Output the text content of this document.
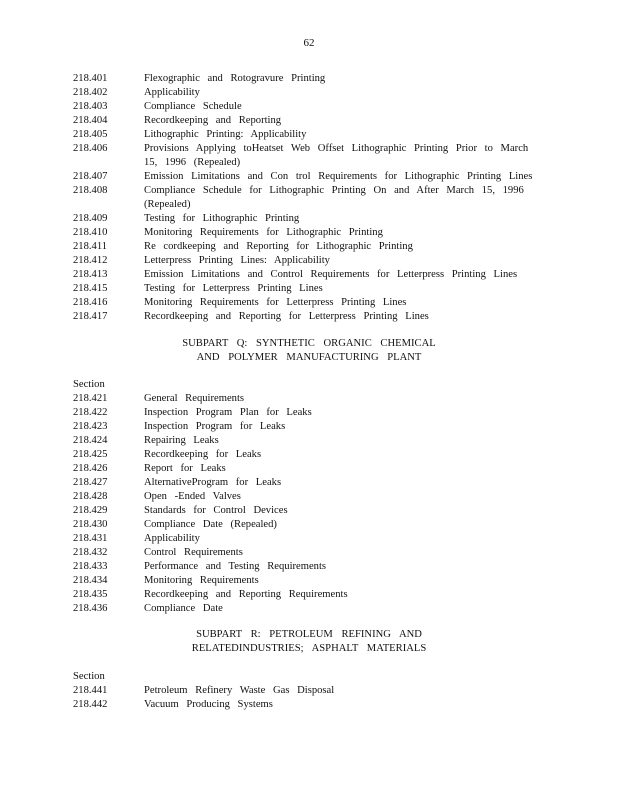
62
218.401	Flexographic and Rotogravure Printing
218.402	Applicability
218.403	Compliance Schedule
218.404	Recordkeeping and Reporting
218.405	Lithographic Printing: Applicability
218.406	Provisions Applying toHeatset Web Offset Lithographic Printing Prior to March 15, 1996 (Repealed)
218.407	Emission Limitations and Con trol Requirements for Lithographic Printing Lines
218.408	Compliance Schedule for Lithographic Printing On and After March 15, 1996 (Repealed)
218.409	Testing for Lithographic Printing
218.410	Monitoring Requirements for Lithographic Printing
218.411	Re cordkeeping and Reporting for Lithographic Printing
218.412	Letterpress Printing Lines: Applicability
218.413	Emission Limitations and Control Requirements for Letterpress Printing Lines
218.415	Testing for Letterpress Printing Lines
218.416	Monitoring Requirements for Letterpress Printing Lines
218.417	Recordkeeping and Reporting for Letterpress Printing Lines
SUBPART Q: SYNTHETIC ORGANIC CHEMICAL
AND POLYMER MANUFACTURING PLANT
Section
218.421	General Requirements
218.422	Inspection Program Plan for Leaks
218.423	Inspection Program for Leaks
218.424	Repairing Leaks
218.425	Recordkeeping for Leaks
218.426	Report for Leaks
218.427	AlternativeProgram for Leaks
218.428	Open -Ended Valves
218.429	Standards for Control Devices
218.430	Compliance Date (Repealed)
218.431	Applicability
218.432	Control Requirements
218.433	Performance and Testing Requirements
218.434	Monitoring Requirements
218.435	Recordkeeping and Reporting Requirements
218.436	Compliance Date
SUBPART R: PETROLEUM REFINING AND
RELATEDINDUSTRIES; ASPHALT MATERIALS
Section
218.441	Petroleum Refinery Waste Gas Disposal
218.442	Vacuum Producing Systems
